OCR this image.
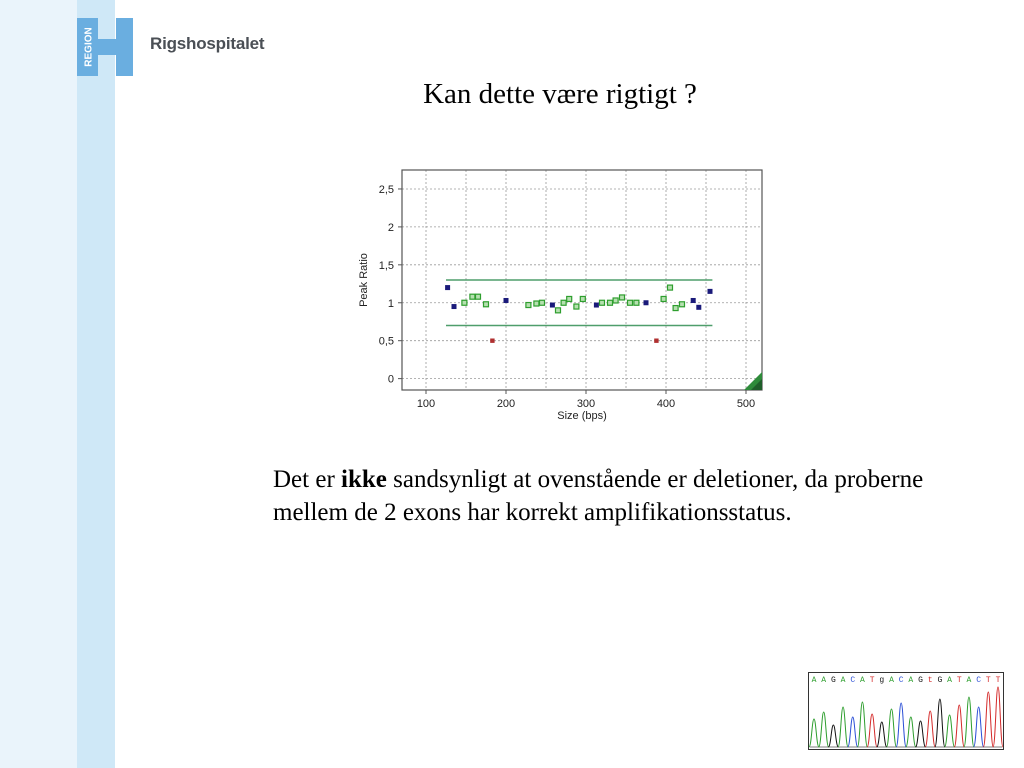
REGION	Rigshospitalet
Kan dette være rigtigt ?
0
0,5
1
1,5
2
2,5
100	200	300	400	500
Size (bps)
Peak Ratio
Det er ikke sandsynligt at ovenstående er deletioner, da proberne mellem de 2 exons har korrekt amplifikationsstatus.
A A G A C A T g A C A G t G A T A C T T
